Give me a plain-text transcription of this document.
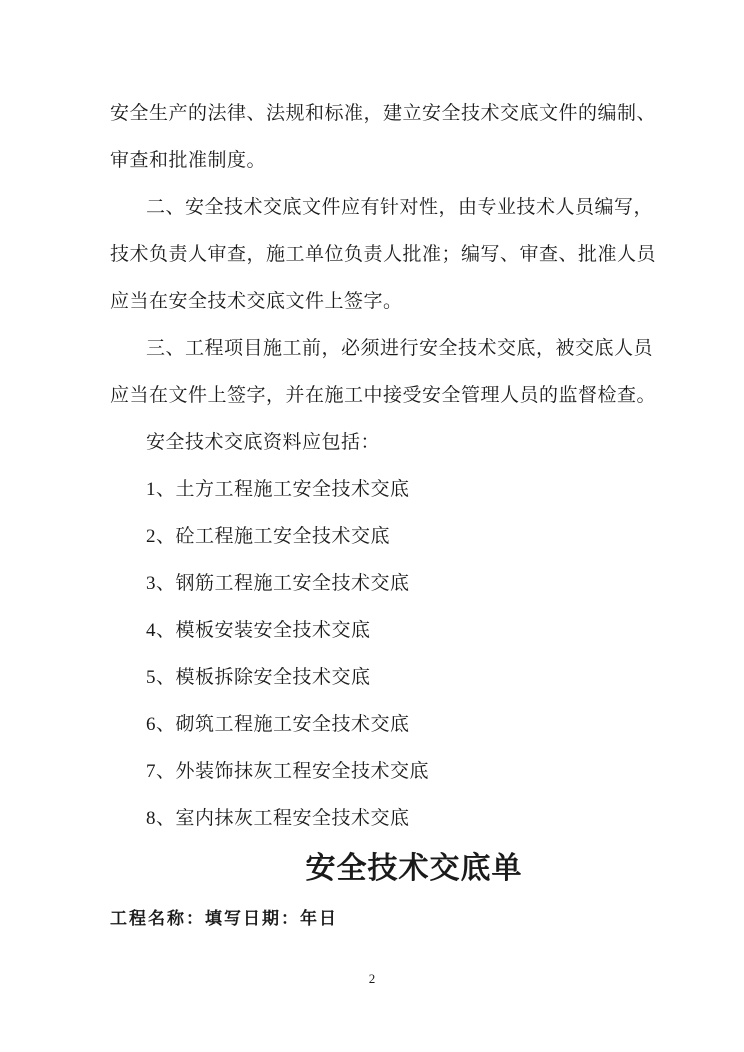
安全生产的法律、法规和标准，建立安全技术交底文件的编制、
审查和批准制度。
二、安全技术交底文件应有针对性，由专业技术人员编写，
技术负责人审查，施工单位负责人批准；编写、审查、批准人员
应当在安全技术交底文件上签字。
三、工程项目施工前，必须进行安全技术交底，被交底人员
应当在文件上签字，并在施工中接受安全管理人员的监督检查。
安全技术交底资料应包括：
1、土方工程施工安全技术交底
2、砼工程施工安全技术交底
3、钢筋工程施工安全技术交底
4、模板安装安全技术交底
5、模板拆除安全技术交底
6、砌筑工程施工安全技术交底
7、外装饰抹灰工程安全技术交底
8、室内抹灰工程安全技术交底
安全技术交底单
工程名称：填写日期：年日
2
